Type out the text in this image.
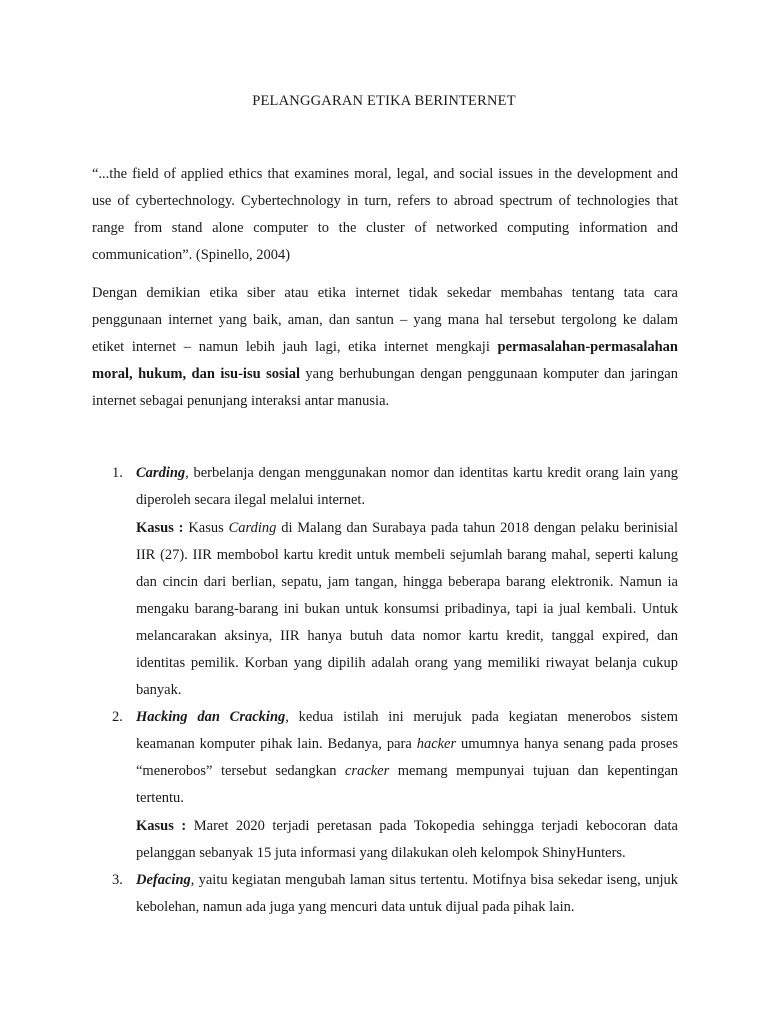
PELANGGARAN ETIKA BERINTERNET

“...the field of applied ethics that examines moral, legal, and social issues in the development and use of cybertechnology. Cybertechnology in turn, refers to abroad spectrum of technologies that range from stand alone computer to the cluster of networked computing information and communication”. (Spinello, 2004)

Dengan demikian etika siber atau etika internet tidak sekedar membahas tentang tata cara penggunaan internet yang baik, aman, dan santun – yang mana hal tersebut tergolong ke dalam etiket internet – namun lebih jauh lagi, etika internet mengkaji permasalahan-permasalahan moral, hukum, dan isu-isu sosial yang berhubungan dengan penggunaan komputer dan jaringan internet sebagai penunjang interaksi antar manusia.

1. Carding, berbelanja dengan menggunakan nomor dan identitas kartu kredit orang lain yang diperoleh secara ilegal melalui internet.

Kasus : Kasus Carding di Malang dan Surabaya pada tahun 2018 dengan pelaku berinisial IIR (27). IIR membobol kartu kredit untuk membeli sejumlah barang mahal, seperti kalung dan cincin dari berlian, sepatu, jam tangan, hingga beberapa barang elektronik. Namun ia mengaku barang-barang ini bukan untuk konsumsi pribadinya, tapi ia jual kembali. Untuk melancarakan aksinya, IIR hanya butuh data nomor kartu kredit, tanggal expired, dan identitas pemilik. Korban yang dipilih adalah orang yang memiliki riwayat belanja cukup banyak.

2. Hacking dan Cracking, kedua istilah ini merujuk pada kegiatan menerobos sistem keamanan komputer pihak lain. Bedanya, para hacker umumnya hanya senang pada proses “menerobos” tersebut sedangkan cracker memang mempunyai tujuan dan kepentingan tertentu.

Kasus : Maret 2020 terjadi peretasan pada Tokopedia sehingga terjadi kebocoran data pelanggan sebanyak 15 juta informasi yang dilakukan oleh kelompok ShinyHunters.

3. Defacing, yaitu kegiatan mengubah laman situs tertentu. Motifnya bisa sekedar iseng, unjuk kebolehan, namun ada juga yang mencuri data untuk dijual pada pihak lain.
